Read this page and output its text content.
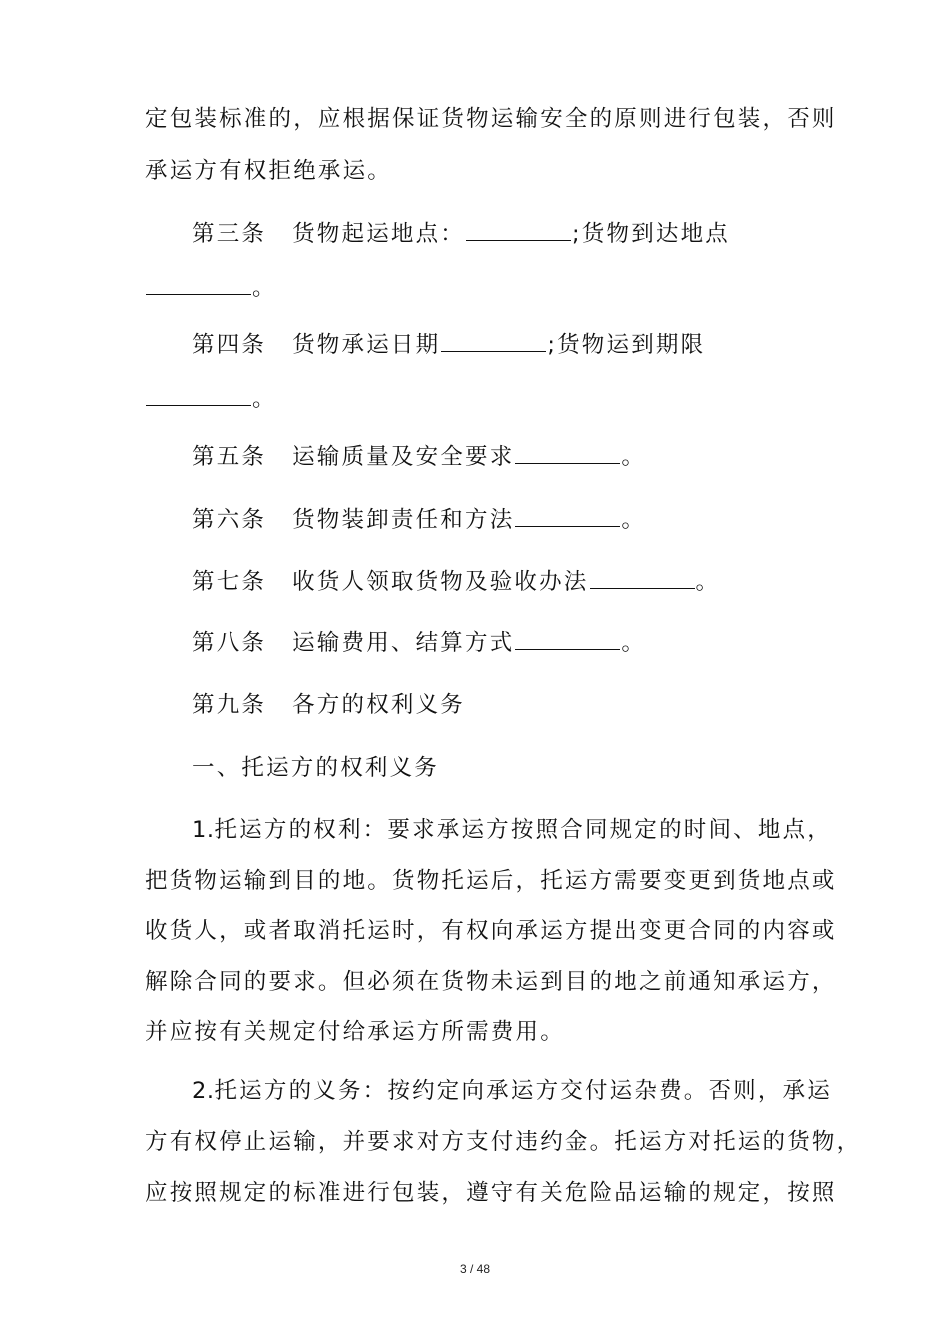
定包装标准的，应根据保证货物运输安全的原则进行包装，否则
承运方有权拒绝承运。
第三条 货物起运地点：	;货物到达地点
。
第四条 货物承运日期	;货物运到期限
。
第五条 运输质量及安全要求	。
第六条 货物装卸责任和方法	。
第七条 收货人领取货物及验收办法	。
第八条 运输费用、结算方式	。
第九条 各方的权利义务
一、托运方的权利义务
1.托运方的权利：要求承运方按照合同规定的时间、地点，
把货物运输到目的地。货物托运后，托运方需要变更到货地点或
收货人，或者取消托运时，有权向承运方提出变更合同的内容或
解除合同的要求。但必须在货物未运到目的地之前通知承运方，
并应按有关规定付给承运方所需费用。
2.托运方的义务：按约定向承运方交付运杂费。否则，承运
方有权停止运输，并要求对方支付违约金。托运方对托运的货物，
应按照规定的标准进行包装，遵守有关危险品运输的规定，按照
3 / 48
